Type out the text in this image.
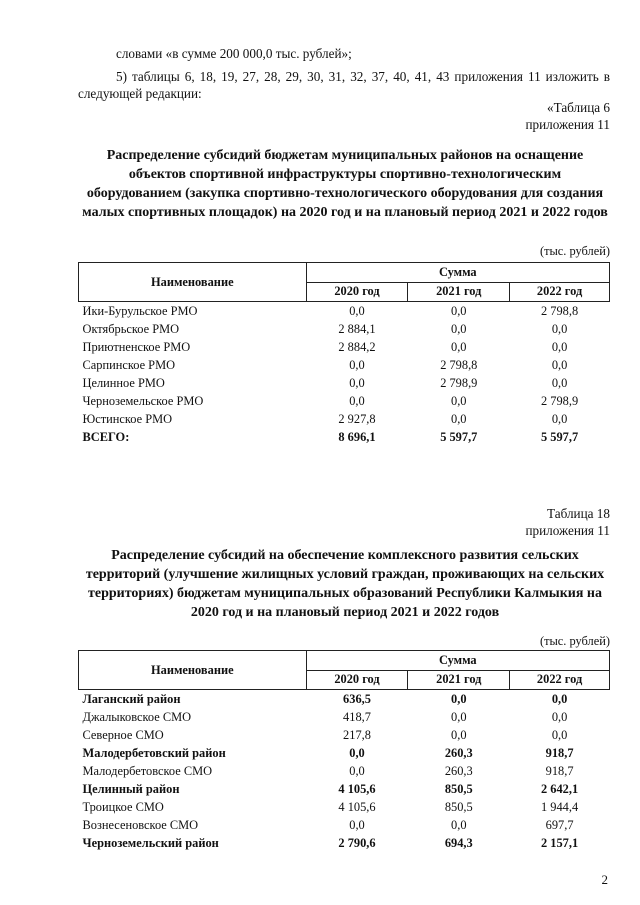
словами «в сумме 200 000,0 тыс. рублей»;
5) таблицы 6, 18, 19, 27, 28, 29, 30, 31, 32, 37, 40, 41, 43 приложения 11 изложить в следующей редакции:
«Таблица 6
приложения 11
Распределение субсидий бюджетам муниципальных районов на оснащение объектов спортивной инфраструктуры спортивно-технологическим оборудованием (закупка спортивно-технологического оборудования для создания малых спортивных площадок) на 2020 год и на плановый период 2021 и 2022 годов
(тыс. рублей)
Наименование	Сумма		
	2020 год	2021 год	2022 год
Ики-Бурульское РМО	0,0	0,0	2 798,8
Октябрьское РМО	2 884,1	0,0	0,0
Приютненское РМО	2 884,2	0,0	0,0
Сарпинское РМО	0,0	2 798,8	0,0
Целинное РМО	0,0	2 798,9	0,0
Черноземельское РМО	0,0	0,0	2 798,9
Юстинское РМО	2 927,8	0,0	0,0
ВСЕГО:	8 696,1	5 597,7	5 597,7
Таблица 18
приложения 11
Распределение субсидий на обеспечение комплексного развития сельских территорий (улучшение жилищных условий граждан, проживающих на сельских территориях) бюджетам муниципальных образований Республики Калмыкия на 2020 год и на плановый период 2021 и 2022 годов
(тыс. рублей)
Наименование	Сумма		
	2020 год	2021 год	2022 год
Лаганский район	636,5	0,0	0,0
Джалыковское СМО	418,7	0,0	0,0
Северное СМО	217,8	0,0	0,0
Малодербетовский район	0,0	260,3	918,7
Малодербетовское СМО	0,0	260,3	918,7
Целинный район	4 105,6	850,5	2 642,1
Троицкое СМО	4 105,6	850,5	1 944,4
Вознесеновское СМО	0,0	0,0	697,7
Черноземельский район	2 790,6	694,3	2 157,1
2
